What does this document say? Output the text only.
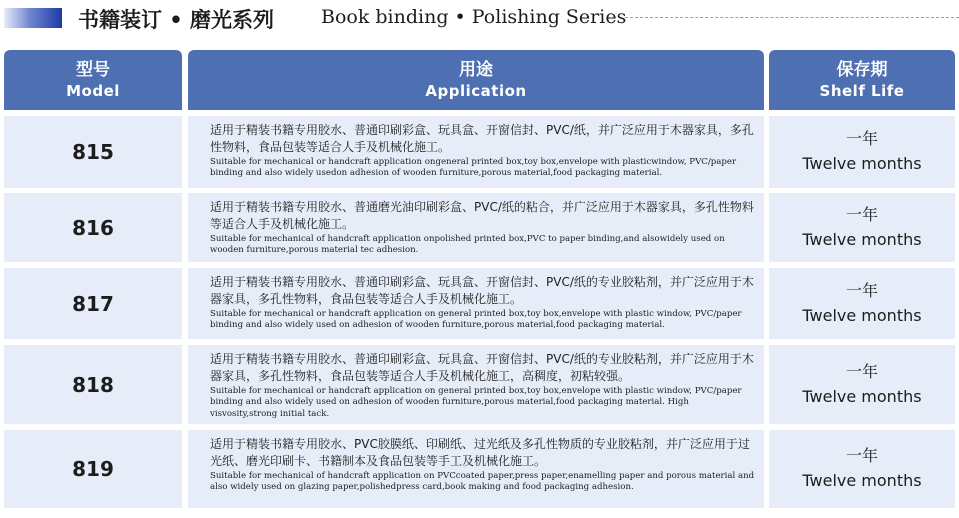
书籍装订 • 磨光系列 Book binding • Polishing Series
型号
Model
用途
Application
保存期
Shelf Life
815
适用于精装书籍专用胶水、普通印刷彩盒、玩具盒、开窗信封、PVC/纸，并广泛应用于木器家具，多孔性物料，食品包装等适合人手及机械化施工。
Suitable for mechanical or handcraft application ongeneral printed box,toy box,envelope with plasticwindow, PVC/paper binding and also widely usedon adhesion of wooden furniture,porous material,food packaging material.
一年
Twelve months
816
适用于精装书籍专用胶水、普通磨光油印刷彩盒、PVC/纸的粘合，并广泛应用于木器家具，多孔性物料等适合人手及机械化施工。
Suitable for mechanical of handcraft application onpolished printed box,PVC to paper binding,and alsowidely used on wooden furniture,porous material tec adhesion.
一年
Twelve months
817
适用于精装书籍专用胶水、普通印刷彩盒、玩具盒、开窗信封、PVC/纸的专业胶粘剂，并广泛应用于木器家具，多孔性物料，食品包装等适合人手及机械化施工。
Suitable for mechanical or handcraft application on general printed box,toy box,envelope with plastic window, PVC/paper binding and also widely used on adhesion of wooden furniture,porous material,food packaging material.
一年
Twelve months
818
适用于精装书籍专用胶水、普通印刷彩盒、玩具盒、开窗信封、PVC/纸的专业胶粘剂，并广泛应用于木器家具，多孔性物料，食品包装等适合人手及机械化施工，高稠度，初粘较强。
Suitable for mechanical or handcraft application on general printed box,toy box,envelope with plastic window, PVC/paper binding and also widely used on adhesion of wooden furniture,porous material,food packaging material. High visvosity,strong initial tack.
一年
Twelve months
819
适用于精装书籍专用胶水、PVC胶膜纸、印刷纸、过光纸及多孔性物质的专业胶粘剂，并广泛应用于过光纸、磨光印刷卡、书籍制本及食品包装等手工及机械化施工。
Suitable for mechanical of handcraft application on PVCcoated paper,press paper,enamelling paper and porous material and also widely used on glazing paper,polishedpress card,book making and food packaging adhesion.
一年
Twelve months
